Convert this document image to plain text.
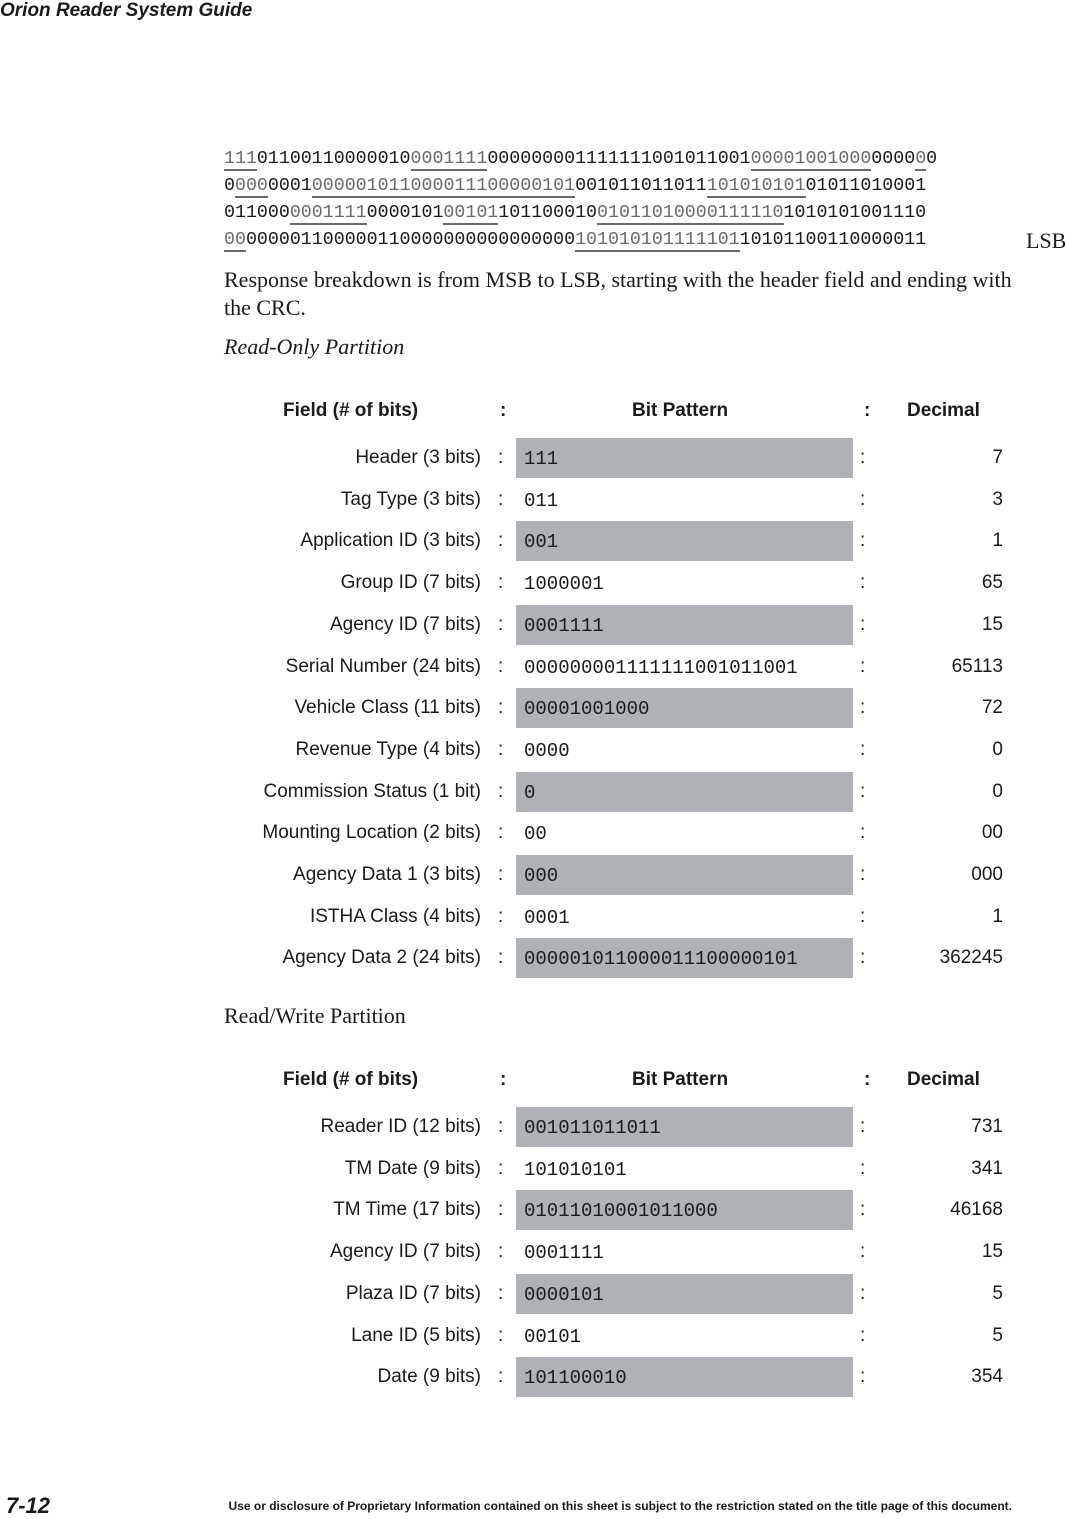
Orion Reader System Guide
11101100110000010000111100000000111111100101100100001001000000000
0000000100000101100001110000010100101101101110101010101011010001
0110000001111000010100101101100010010110100001111101010101001110
0000000110000011000000000000000010101010111110110101100110000011	LSB
Response breakdown is from MSB to LSB, starting with the header field and ending with the CRC.
Read-Only Partition
Field (# of bits)	:	Bit Pattern	: Decimal
Header (3 bits) : 111	:	7
Tag Type (3 bits) : 011	:	3
Application ID (3 bits) : 001	:	1
Group ID (7 bits) : 1000001	:	65
Agency ID (7 bits) : 0001111	:	15
Serial Number (24 bits) : 000000001111111001011001	:	65113
Vehicle Class (11 bits) : 00001001000	:	72
Revenue Type (4 bits) : 0000	:	0
Commission Status (1 bit) : 0	:	0
Mounting Location (2 bits) : 00	:	00
Agency Data 1 (3 bits) : 000	:	000
ISTHA Class (4 bits) : 0001	:	1
Agency Data 2 (24 bits) : 000001011000011100000101	:	362245
Read/Write Partition
Field (# of bits)	:	Bit Pattern	: Decimal
Reader ID (12 bits) : 001011011011	:	731
TM Date (9 bits) : 101010101	:	341
TM Time (17 bits) : 01011010001011000	:	46168
Agency ID (7 bits) : 0001111	:	15
Plaza ID (7 bits) : 0000101	:	5
Lane ID (5 bits) : 00101	:	5
Date (9 bits) : 101100010	:	354
7-12	Use or disclosure of Proprietary Information contained on this sheet is subject to the restriction stated on the title page of this document.
